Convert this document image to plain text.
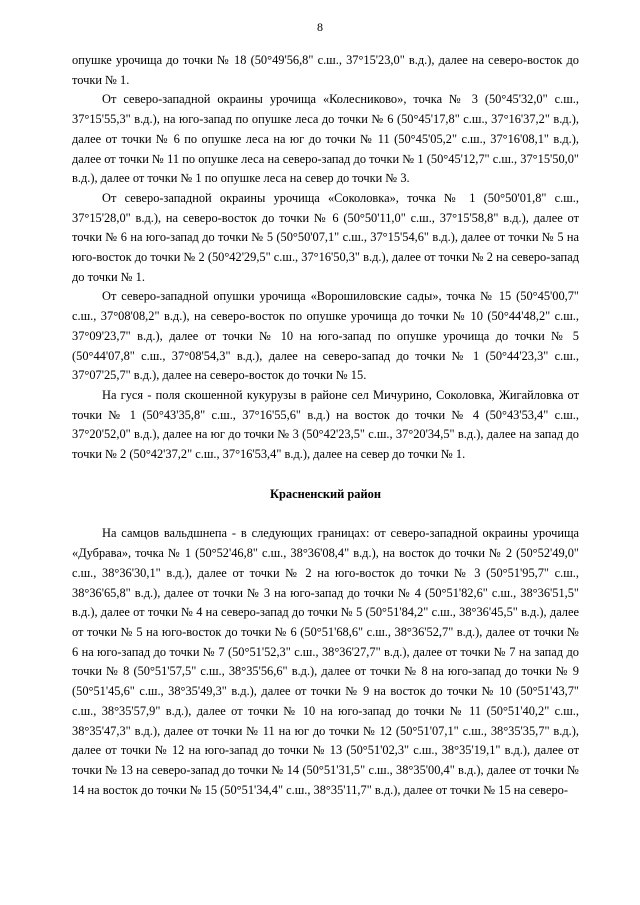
8

опушке урочища до точки № 18 (50°49'56,8" с.ш., 37°15'23,0" в.д.), далее на северо-восток до точки № 1.

От северо-западной окраины урочища «Колесниково», точка № 3 (50°45'32,0" с.ш., 37°15'55,3" в.д.), на юго-запад по опушке леса до точки № 6 (50°45'17,8" с.ш., 37°16'37,2" в.д.), далее от точки № 6 по опушке леса на юг до точки № 11 (50°45'05,2" с.ш., 37°16'08,1" в.д.), далее от точки № 11 по опушке леса на северо-запад до точки № 1 (50°45'12,7" с.ш., 37°15'50,0" в.д.), далее от точки № 1 по опушке леса на север до точки № 3.

От северо-западной окраины урочища «Соколовка», точка № 1 (50°50'01,8" с.ш., 37°15'28,0" в.д.), на северо-восток до точки № 6 (50°50'11,0" с.ш., 37°15'58,8" в.д.), далее от точки № 6 на юго-запад до точки № 5 (50°50'07,1" с.ш., 37°15'54,6" в.д.), далее от точки № 5 на юго-восток до точки № 2 (50°42'29,5" с.ш., 37°16'50,3" в.д.), далее от точки № 2 на северо-запад до точки № 1.

От северо-западной опушки урочища «Ворошиловские сады», точка № 15 (50°45'00,7" с.ш., 37°08'08,2" в.д.), на северо-восток по опушке урочища до точки № 10 (50°44'48,2" с.ш., 37°09'23,7" в.д.), далее от точки № 10 на юго-запад по опушке урочища до точки № 5 (50°44'07,8" с.ш., 37°08'54,3" в.д.), далее на северо-запад до точки № 1 (50°44'23,3" с.ш., 37°07'25,7" в.д.), далее на северо-восток до точки № 15.

На гуся - поля скошенной кукурузы в районе сел Мичурино, Соколовка, Жигайловка от точки № 1 (50°43'35,8" с.ш., 37°16'55,6" в.д.) на восток до точки № 4 (50°43'53,4" с.ш., 37°20'52,0" в.д.), далее на юг до точки № 3 (50°42'23,5" с.ш., 37°20'34,5" в.д.), далее на запад до точки № 2 (50°42'37,2" с.ш., 37°16'53,4" в.д.), далее на север до точки № 1.

Красненский район

На самцов вальдшнепа - в следующих границах: от северо-западной окраины урочища «Дубрава», точка № 1 (50°52'46,8" с.ш., 38°36'08,4" в.д.), на восток до точки № 2 (50°52'49,0" с.ш., 38°36'30,1" в.д.), далее от точки № 2 на юго-восток до точки № 3 (50°51'95,7" с.ш., 38°36'65,8" в.д.), далее от точки № 3 на юго-запад до точки № 4 (50°51'82,6" с.ш., 38°36'51,5" в.д.), далее от точки № 4 на северо-запад до точки № 5 (50°51'84,2" с.ш., 38°36'45,5" в.д.), далее от точки № 5 на юго-восток до точки № 6 (50°51'68,6" с.ш., 38°36'52,7" в.д.), далее от точки № 6 на юго-запад до точки № 7 (50°51'52,3" с.ш., 38°36'27,7" в.д.), далее от точки № 7 на запад до точки № 8 (50°51'57,5" с.ш., 38°35'56,6" в.д.), далее от точки № 8 на юго-запад до точки № 9 (50°51'45,6" с.ш., 38°35'49,3" в.д.), далее от точки № 9 на восток до точки № 10 (50°51'43,7" с.ш., 38°35'57,9" в.д.), далее от точки № 10 на юго-запад до точки № 11 (50°51'40,2" с.ш., 38°35'47,3" в.д.), далее от точки № 11 на юг до точки № 12 (50°51'07,1" с.ш., 38°35'35,7" в.д.), далее от точки № 12 на юго-запад до точки № 13 (50°51'02,3" с.ш., 38°35'19,1" в.д.), далее от точки № 13 на северо-запад до точки № 14 (50°51'31,5" с.ш., 38°35'00,4" в.д.), далее от точки № 14 на восток до точки № 15 (50°51'34,4" с.ш., 38°35'11,7" в.д.), далее от точки № 15 на северо-
